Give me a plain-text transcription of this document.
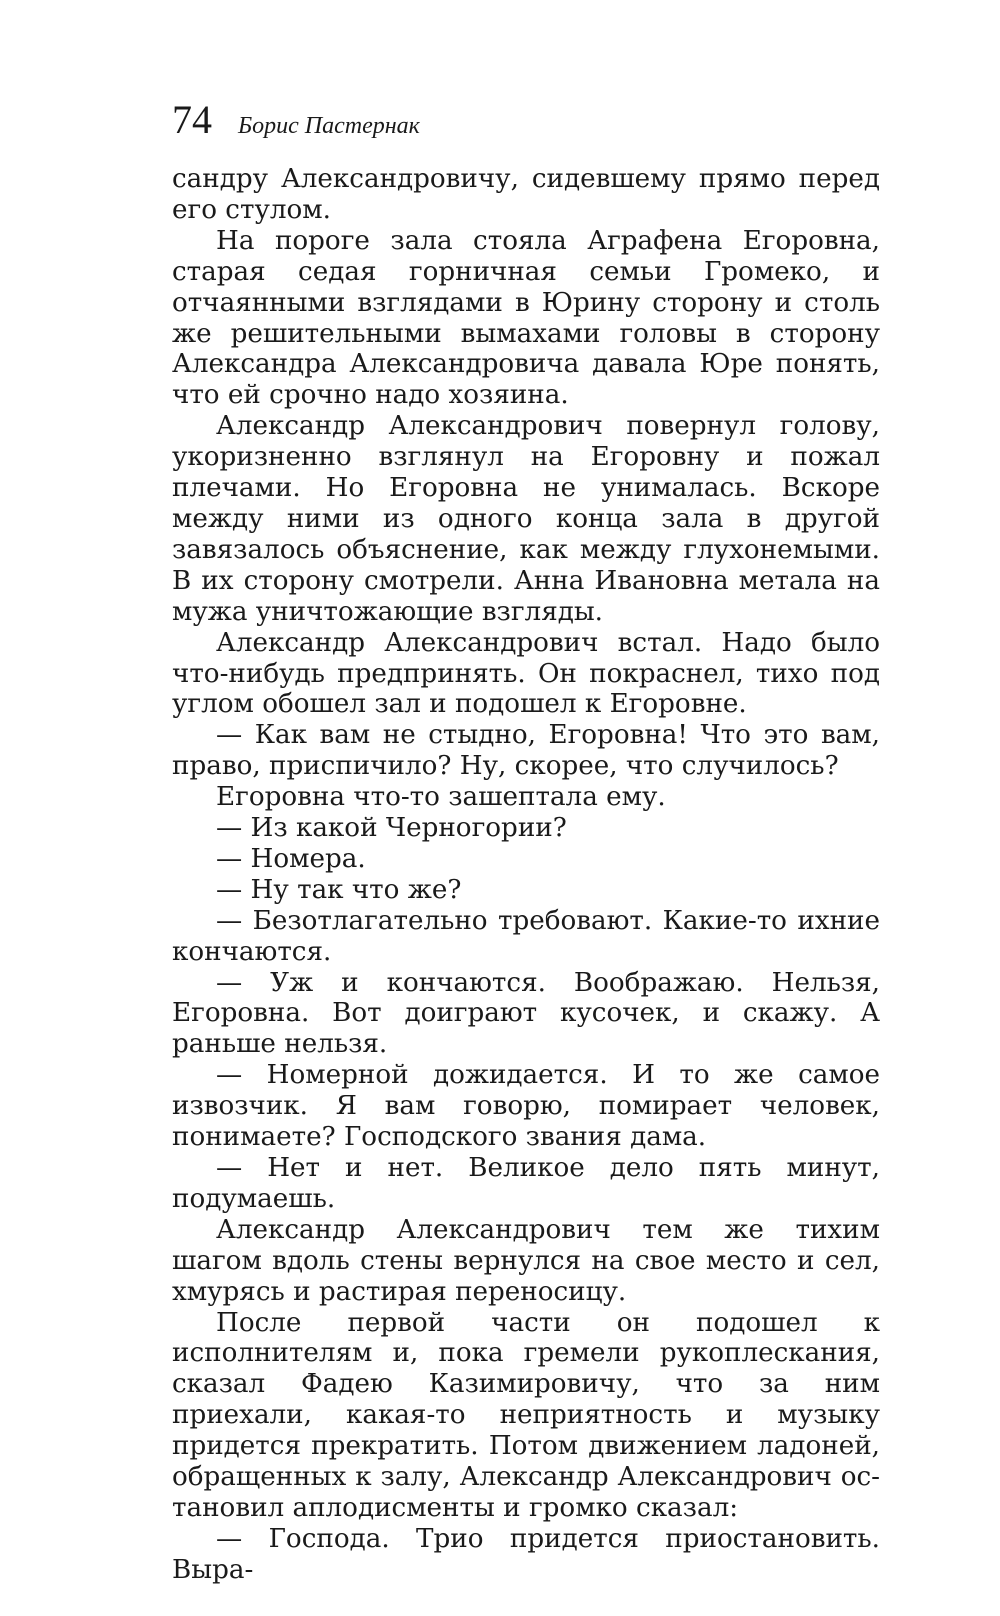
74 Борис Пастернак

сандру Александровичу, сидевшему прямо перед его стулом.

На пороге зала стояла Аграфена Егоровна, старая седая горничная семьи Громеко, и отчаянными взглядами в Юрину сторону и столь же решительными вымахами головы в сторону Александра Александровича давала Юре понять, что ей срочно надо хозяина.

Александр Александрович повернул голову, укоризненно взглянул на Егоровну и пожал плечами. Но Егоровна не унималась. Вскоре между ними из одного конца зала в другой завязалось объяснение, как между глухонемыми. В их сторону смотрели. Анна Ивановна метала на мужа уничтожающие взгляды.

Александр Александрович встал. Надо было что-нибудь предпринять. Он покраснел, тихо под углом обошел зал и подошел к Егоровне.

— Как вам не стыдно, Егоровна! Что это вам, право, приспичило? Ну, скорее, что случилось?

Егоровна что-то зашептала ему.

— Из какой Черногории?

— Номера.

— Ну так что же?

— Безотлагательно требовают. Какие-то ихние кончаются.

— Уж и кончаются. Воображаю. Нельзя, Егоровна. Вот доиграют кусочек, и скажу. А раньше нельзя.

— Номерной дожидается. И то же самое извозчик. Я вам говорю, помирает человек, понимаете? Господского звания дама.

— Нет и нет. Великое дело пять минут, подумаешь.

Александр Александрович тем же тихим шагом вдоль стены вернулся на свое место и сел, хмурясь и растирая переносицу.

После первой части он подошел к исполнителям и, пока гремели рукоплескания, сказал Фадею Казимировичу, что за ним приехали, какая-то неприятность и музыку придется прекратить. Потом движением ладоней, обращенных к залу, Александр Александрович остановил аплодисменты и громко сказал:

— Господа. Трио придется приостановить. Выра-
